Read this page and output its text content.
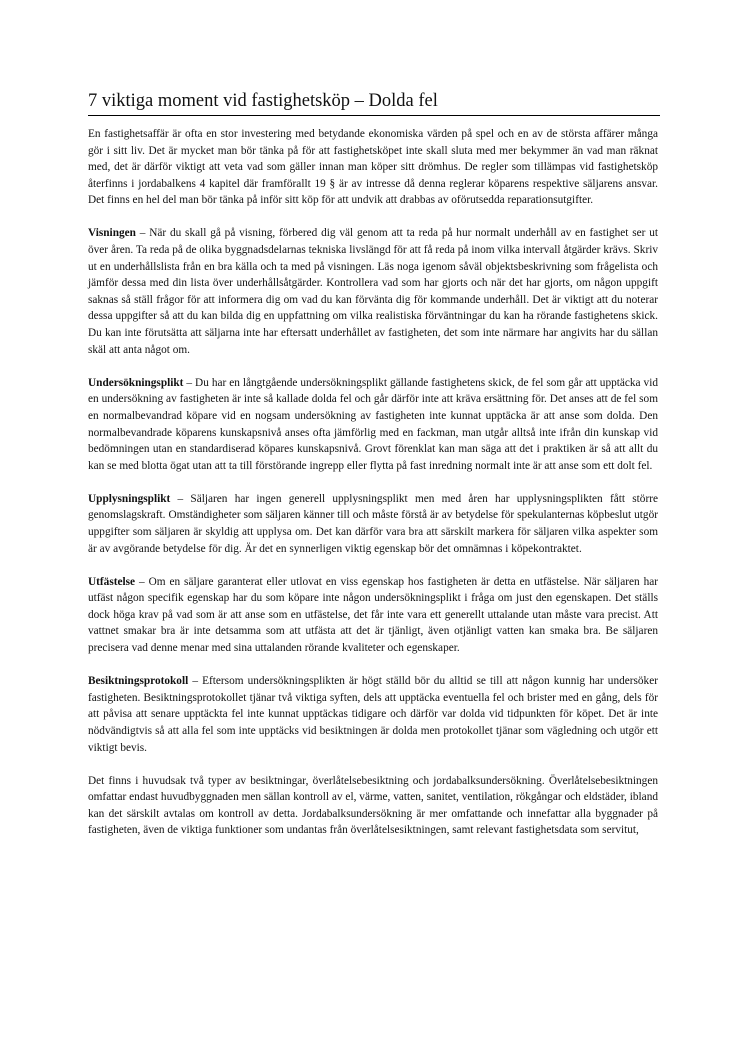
7 viktiga moment vid fastighetsköp – Dolda fel

En fastighetsaffär är ofta en stor investering med betydande ekonomiska värden på spel och en av de största affärer många gör i sitt liv. Det är mycket man bör tänka på för att fastighetsköpet inte skall sluta med mer bekymmer än vad man räknat med, det är därför viktigt att veta vad som gäller innan man köper sitt drömhus. De regler som tillämpas vid fastighetsköp återfinns i jordabalkens 4 kapitel där framförallt 19 § är av intresse då denna reglerar köparens respektive säljarens ansvar. Det finns en hel del man bör tänka på inför sitt köp för att undvik att drabbas av oförutsedda reparationsutgifter.

Visningen – När du skall gå på visning, förbered dig väl genom att ta reda på hur normalt underhåll av en fastighet ser ut över åren. Ta reda på de olika byggnadsdelarnas tekniska livslängd för att få reda på inom vilka intervall åtgärder krävs. Skriv ut en underhållslista från en bra källa och ta med på visningen. Läs noga igenom såväl objektsbeskrivning som frågelista och jämför dessa med din lista över underhållsåtgärder. Kontrollera vad som har gjorts och när det har gjorts, om någon uppgift saknas så ställ frågor för att informera dig om vad du kan förvänta dig för kommande underhåll. Det är viktigt att du noterar dessa uppgifter så att du kan bilda dig en uppfattning om vilka realistiska förväntningar du kan ha rörande fastighetens skick. Du kan inte förutsätta att säljarna inte har eftersatt underhållet av fastigheten, det som inte närmare har angivits har du sällan skäl att anta något om.

Undersökningsplikt – Du har en långtgående undersökningsplikt gällande fastighetens skick, de fel som går att upptäcka vid en undersökning av fastigheten är inte så kallade dolda fel och går därför inte att kräva ersättning för. Det anses att de fel som en normalbevandrad köpare vid en nogsam undersökning av fastigheten inte kunnat upptäcka är att anse som dolda. Den normalbevandrade köparens kunskapsnivå anses ofta jämförlig med en fackman, man utgår alltså inte ifrån din kunskap vid bedömningen utan en standardiserad köpares kunskapsnivå. Grovt förenklat kan man säga att det i praktiken är så att allt du kan se med blotta ögat utan att ta till förstörande ingrepp eller flytta på fast inredning normalt inte är att anse som ett dolt fel.

Upplysningsplikt – Säljaren har ingen generell upplysningsplikt men med åren har upplysningsplikten fått större genomslagskraft. Omständigheter som säljaren känner till och måste förstå är av betydelse för spekulanternas köpbeslut utgör uppgifter som säljaren är skyldig att upplysa om. Det kan därför vara bra att särskilt markera för säljaren vilka aspekter som är av avgörande betydelse för dig. Är det en synnerligen viktig egenskap bör det omnämnas i köpekontraktet.

Utfästelse – Om en säljare garanterat eller utlovat en viss egenskap hos fastigheten är detta en utfästelse. När säljaren har utfäst någon specifik egenskap har du som köpare inte någon undersökningsplikt i fråga om just den egenskapen. Det ställs dock höga krav på vad som är att anse som en utfästelse, det får inte vara ett generellt uttalande utan måste vara precist. Att vattnet smakar bra är inte detsamma som att utfästa att det är tjänligt, även otjänligt vatten kan smaka bra. Be säljaren precisera vad denne menar med sina uttalanden rörande kvaliteter och egenskaper.

Besiktningsprotokoll – Eftersom undersökningsplikten är högt ställd bör du alltid se till att någon kunnig har undersöker fastigheten. Besiktningsprotokollet tjänar två viktiga syften, dels att upptäcka eventuella fel och brister med en gång, dels för att påvisa att senare upptäckta fel inte kunnat upptäckas tidigare och därför var dolda vid tidpunkten för köpet. Det är inte nödvändigtvis så att alla fel som inte upptäcks vid besiktningen är dolda men protokollet tjänar som vägledning och utgör ett viktigt bevis.

Det finns i huvudsak två typer av besiktningar, överlåtelsebesiktning och jordabalksundersökning. Överlåtelsebesiktningen omfattar endast huvudbyggnaden men sällan kontroll av el, värme, vatten, sanitet, ventilation, rökgångar och eldstäder, ibland kan det särskilt avtalas om kontroll av detta. Jordabalksundersökning är mer omfattande och innefattar alla byggnader på fastigheten, även de viktiga funktioner som undantas från överlåtelsesiktningen, samt relevant fastighetsdata som servitut,
